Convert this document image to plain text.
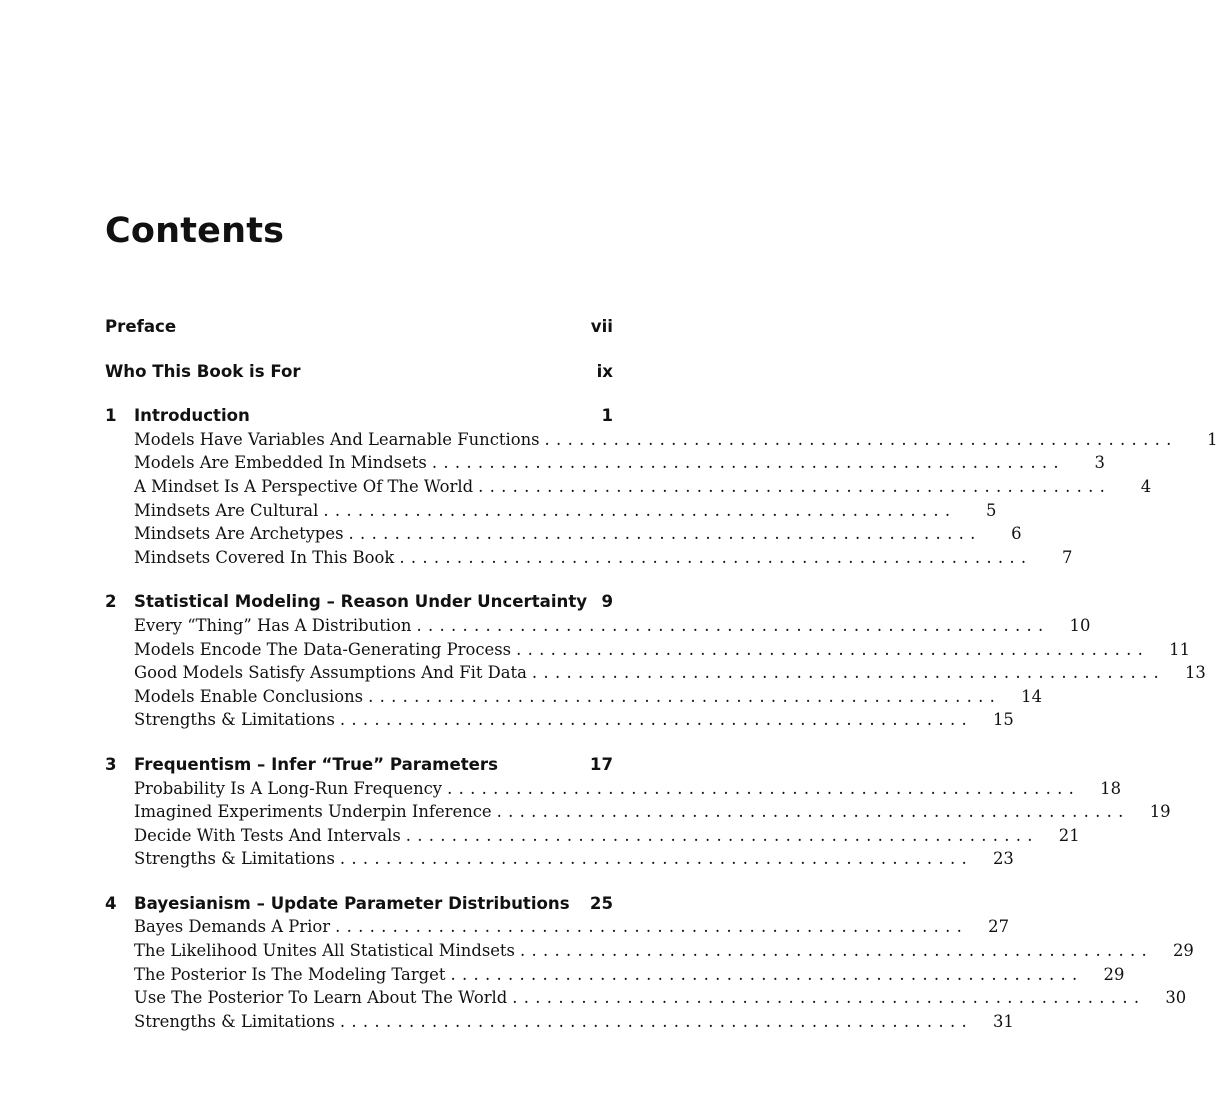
Contents
Preface	vii
Who This Book is For	ix
1	Introduction	1
Models Have Variables And Learnable Functions .......................................................	1
Models Are Embedded In Mindsets .......................................................	3
A Mindset Is A Perspective Of The World .......................................................	4
Mindsets Are Cultural .......................................................	5
Mindsets Are Archetypes .......................................................	6
Mindsets Covered In This Book .......................................................	7
2	Statistical Modeling – Reason Under Uncertainty 9
Every “Thing” Has A Distribution .......................................................	10
Models Encode The Data-Generating Process .......................................................	11
Good Models Satisfy Assumptions And Fit Data .......................................................	13
Models Enable Conclusions .......................................................	14
Strengths & Limitations .......................................................	15
3	Frequentism – Infer “True” Parameters	17
Probability Is A Long-Run Frequency .......................................................	18
Imagined Experiments Underpin Inference .......................................................	19
Decide With Tests And Intervals .......................................................	21
Strengths & Limitations .......................................................	23
4	Bayesianism – Update Parameter Distributions	25
Bayes Demands A Prior .......................................................	27
The Likelihood Unites All Statistical Mindsets .......................................................	29
The Posterior Is The Modeling Target .......................................................	29
Use The Posterior To Learn About The World .......................................................	30
Strengths & Limitations .......................................................	31
